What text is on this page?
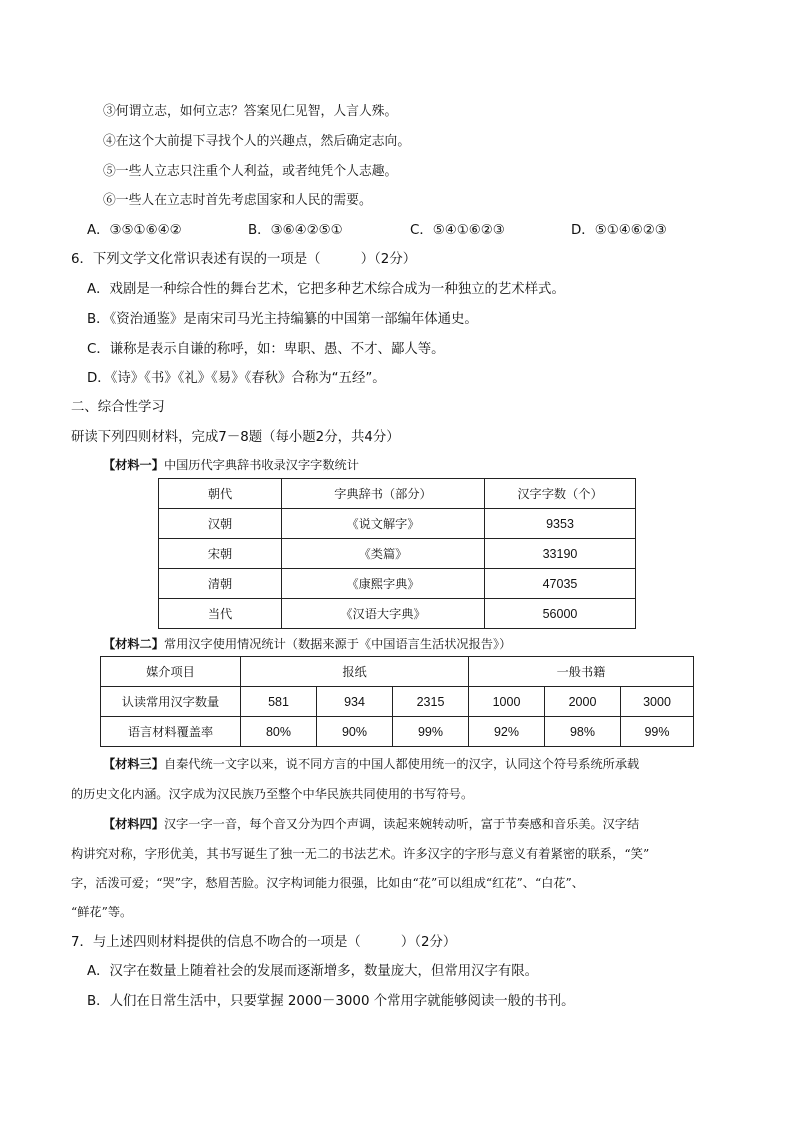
③何谓立志，如何立志？答案见仁见智，人言人殊。
④在这个大前提下寻找个人的兴趣点，然后确定志向。
⑤一些人立志只注重个人利益，或者纯凭个人志趣。
⑥一些人在立志时首先考虑国家和人民的需要。
A．③⑤①⑥④②	B．③⑥④②⑤①	C．⑤④①⑥②③	D．⑤①④⑥②③
6．下列文学文化常识表述有误的一项是（　　　）（2分）
A．戏剧是一种综合性的舞台艺术，它把多种艺术综合成为一种独立的艺术样式。
B．《资治通鉴》是南宋司马光主持编纂的中国第一部编年体通史。
C．谦称是表示自谦的称呼，如：卑职、愚、不才、鄙人等。
D．《诗》《书》《礼》《易》《春秋》合称为“五经”。
二、综合性学习
研读下列四则材料，完成7－8题（每小题2分，共4分）
【材料一】中国历代字典辞书收录汉字字数统计
朝代	字典辞书（部分）	汉字字数（个）
汉朝	《说文解字》	9353
宋朝	《类篇》	33190
清朝	《康熙字典》	47035
当代	《汉语大字典》	56000
【材料二】常用汉字使用情况统计（数据来源于《中国语言生活状况报告》）
媒介项目	报纸			一般书籍		
认读常用汉字数量	581	934	2315	1000	2000	3000
语言材料覆盖率	80%	90%	99%	92%	98%	99%
【材料三】自秦代统一文字以来，说不同方言的中国人都使用统一的汉字，认同这个符号系统所承载
的历史文化内涵。汉字成为汉民族乃至整个中华民族共同使用的书写符号。
【材料四】汉字一字一音，每个音又分为四个声调，读起来婉转动听，富于节奏感和音乐美。汉字结
构讲究对称，字形优美，其书写诞生了独一无二的书法艺术。许多汉字的字形与意义有着紧密的联系，“笑”
字，活泼可爱；“哭”字，愁眉苦脸。汉字构词能力很强，比如由“花”可以组成“红花”、“白花”、
“鲜花”等。
7．与上述四则材料提供的信息不吻合的一项是（　　　）（2分）
A．汉字在数量上随着社会的发展而逐渐增多，数量庞大，但常用汉字有限。
B．人们在日常生活中，只要掌握 2000－3000 个常用字就能够阅读一般的书刊。
